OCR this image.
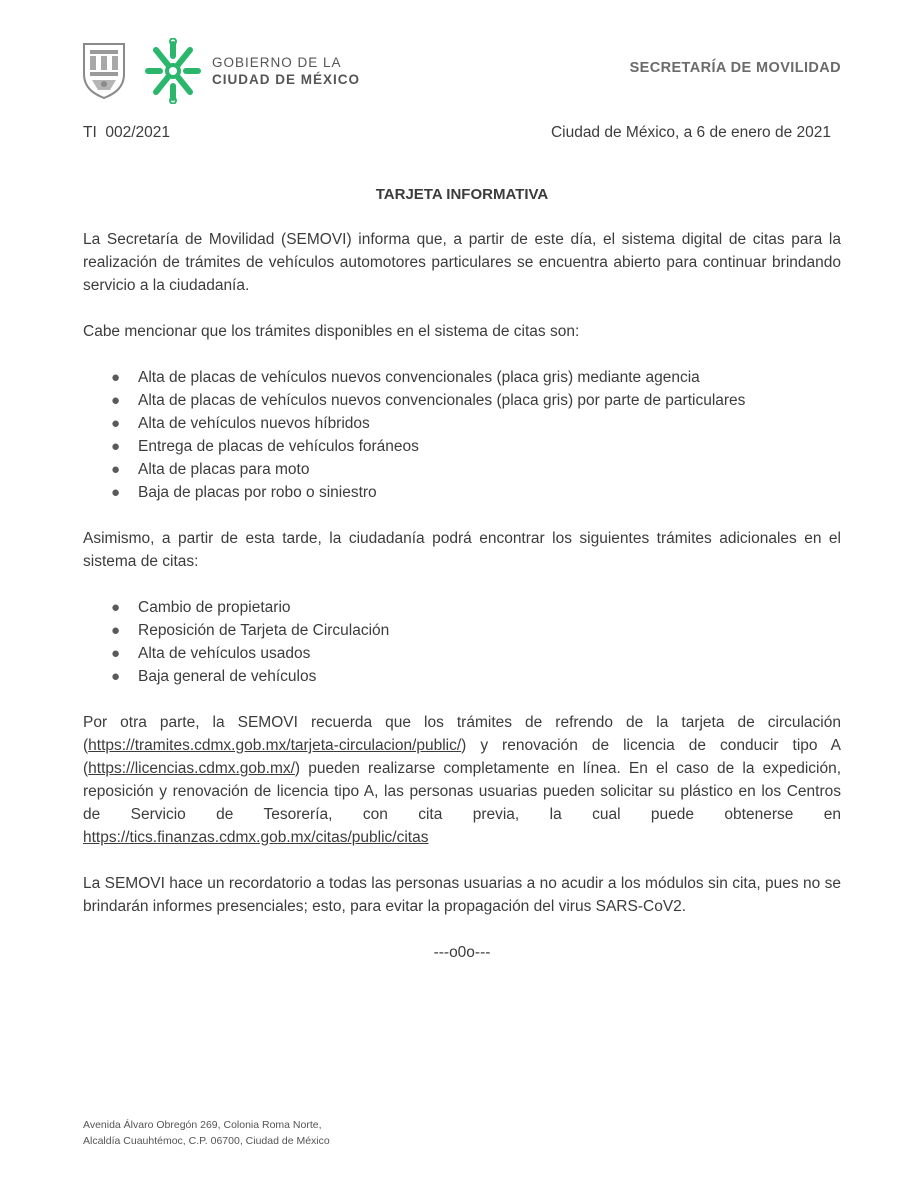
GOBIERNO DE LA
CIUDAD DE MÉXICO
SECRETARÍA DE MOVILIDAD
TI  002/2021	Ciudad de México, a 6 de enero de 2021
TARJETA INFORMATIVA

La Secretaría de Movilidad (SEMOVI) informa que, a partir de este día, el sistema digital de citas para la realización de trámites de vehículos automotores particulares se encuentra abierto para continuar brindando servicio a la ciudadanía.

Cabe mencionar que los trámites disponibles en el sistema de citas son:

● Alta de placas de vehículos nuevos convencionales (placa gris) mediante agencia
● Alta de placas de vehículos nuevos convencionales (placa gris) por parte de particulares
● Alta de vehículos nuevos híbridos
● Entrega de placas de vehículos foráneos
● Alta de placas para moto
● Baja de placas por robo o siniestro

Asimismo, a partir de esta tarde, la ciudadanía podrá encontrar los siguientes trámites adicionales en el sistema de citas:

● Cambio de propietario
● Reposición de Tarjeta de Circulación
● Alta de vehículos usados
● Baja general de vehículos

Por otra parte, la SEMOVI recuerda que los trámites de refrendo de la tarjeta de circulación (https://tramites.cdmx.gob.mx/tarjeta-circulacion/public/) y renovación de licencia de conducir tipo A (https://licencias.cdmx.gob.mx/) pueden realizarse completamente en línea. En el caso de la expedición, reposición y renovación de licencia tipo A, las personas usuarias pueden solicitar su plástico en los Centros de Servicio de Tesorería, con cita previa, la cual puede obtenerse en https://tics.finanzas.cdmx.gob.mx/citas/public/citas

La SEMOVI hace un recordatorio a todas las personas usuarias a no acudir a los módulos sin cita, pues no se brindarán informes presenciales; esto, para evitar la propagación del virus SARS-CoV2.

---o0o---
Avenida Álvaro Obregón 269, Colonia Roma Norte,
Alcaldía Cuauhtémoc, C.P. 06700, Ciudad de México
